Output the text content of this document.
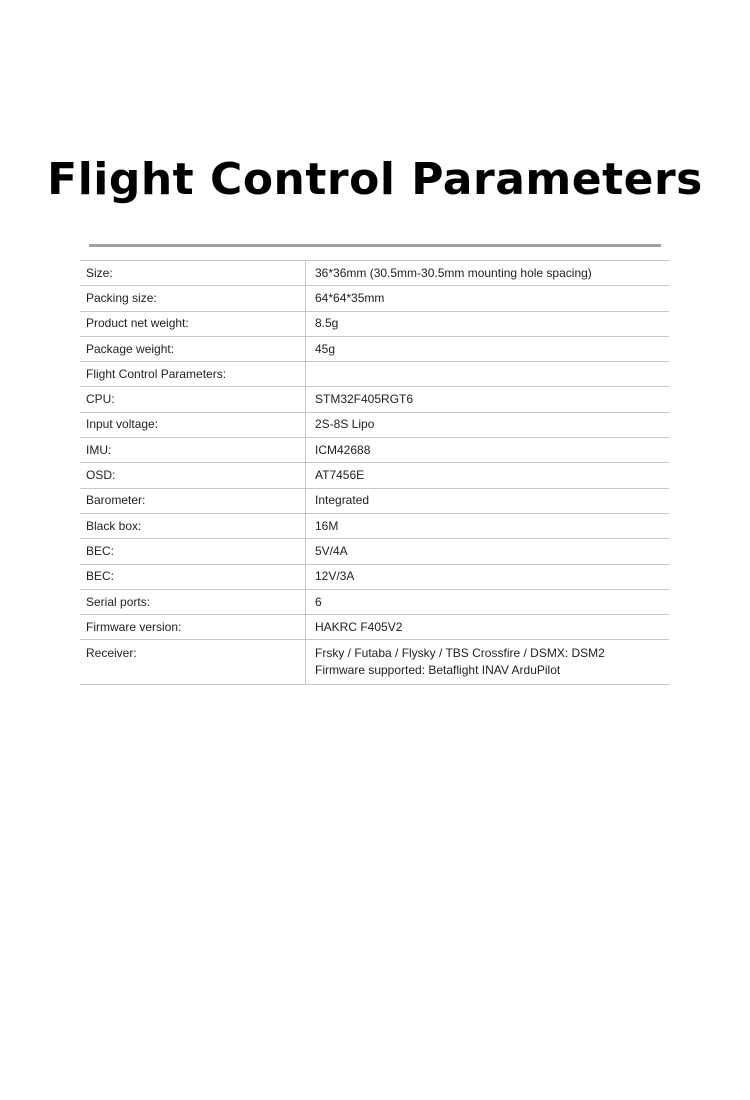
Flight Control Parameters
Size:	36*36mm (30.5mm-30.5mm mounting hole spacing)
Packing size:	64*64*35mm
Product net weight:	8.5g
Package weight:	45g
Flight Control Parameters:	
CPU:	STM32F405RGT6
Input voltage:	2S-8S Lipo
IMU:	ICM42688
OSD:	AT7456E
Barometer:	Integrated
Black box:	16M
BEC:	5V/4A
BEC:	12V/3A
Serial ports:	6
Firmware version:	HAKRC F405V2
Receiver:	Frsky / Futaba / Flysky / TBS Crossfire / DSMX: DSM2
Firmware supported: Betaflight INAV ArduPilot
